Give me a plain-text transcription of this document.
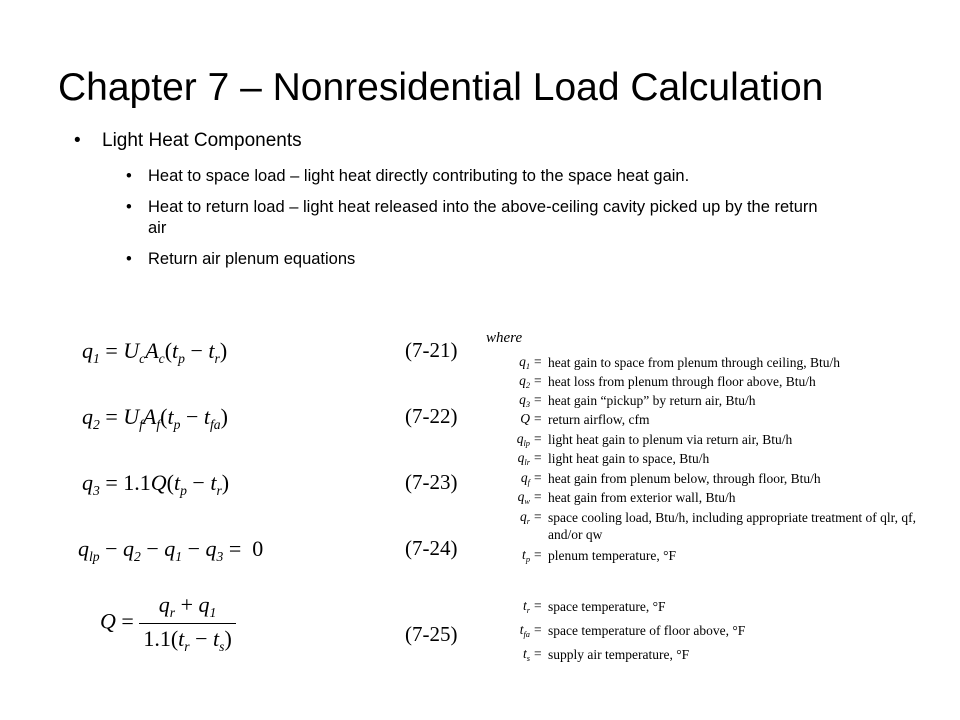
Chapter 7 – Nonresidential Load Calculation
• Light Heat Components
• Heat to space load – light heat directly contributing to the space heat gain.
• Heat to return load – light heat released into the above-ceiling cavity picked up by the return air
• Return air plenum equations
$q_1 = U_cA_c(t_p - t_r)$	(7-21)
$q_2 = U_fA_f(t_p - t_{fa})$	(7-22)
$q_3 = 1.1Q(t_p - t_r)$	(7-23)
$q_{lp} - q_2 - q_1 - q_3 = 0$	(7-24)
$Q = \frac{q_r + q_1}{1.1(t_r - t_s)}$	(7-25)
where
$q_1$ = heat gain to space from plenum through ceiling, Btu/h
$q_2$ = heat loss from plenum through floor above, Btu/h
$q_3$ = heat gain “pickup” by return air, Btu/h
Q = return airflow, cfm
$q_{lp}$ = light heat gain to plenum via return air, Btu/h
$q_{lr}$ = light heat gain to space, Btu/h
$q_f$ = heat gain from plenum below, through floor, Btu/h
$q_w$ = heat gain from exterior wall, Btu/h
$q_r$ = space cooling load, Btu/h, including appropriate treatment of qlr, qf, and/or qw
$t_p$ = plenum temperature, °F
$t_r$ = space temperature, °F
$t_{fa}$ = space temperature of floor above, °F
$t_s$ = supply air temperature, °F
